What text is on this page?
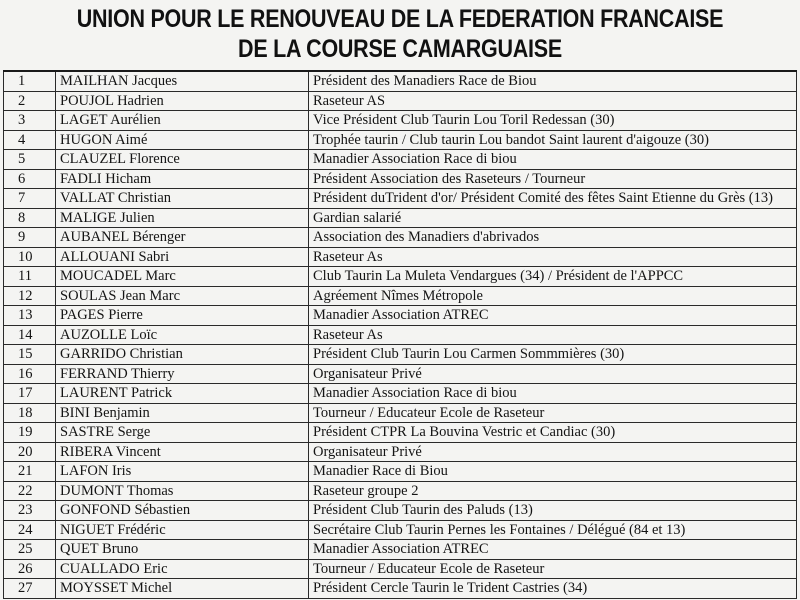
UNION POUR LE RENOUVEAU DE LA FEDERATION FRANCAISE
DE LA COURSE CAMARGUAISE
1	MAILHAN Jacques	Président des Manadiers Race de Biou
2	POUJOL Hadrien	Raseteur AS
3	LAGET Aurélien	Vice Président Club Taurin Lou Toril Redessan (30)
4	HUGON Aimé	Trophée taurin / Club taurin Lou bandot Saint laurent d'aigouze (30)
5	CLAUZEL Florence	Manadier Association Race di biou
6	FADLI Hicham	Président Association des Raseteurs / Tourneur
7	VALLAT Christian	Président duTrident d'or/ Président Comité des fêtes Saint Etienne du Grès (13)
8	MALIGE Julien	Gardian salarié
9	AUBANEL Bérenger	Association des Manadiers d'abrivados
10	ALLOUANI Sabri	Raseteur As
11	MOUCADEL Marc	Club Taurin La Muleta Vendargues (34) / Président de l'APPCC
12	SOULAS Jean Marc	Agréement Nîmes Métropole
13	PAGES Pierre	Manadier Association ATREC
14	AUZOLLE Loïc	Raseteur As
15	GARRIDO Christian	Président Club Taurin Lou Carmen Sommmières (30)
16	FERRAND Thierry	Organisateur Privé
17	LAURENT Patrick	Manadier Association Race di biou
18	BINI Benjamin	Tourneur / Educateur Ecole de Raseteur
19	SASTRE Serge	Président CTPR La Bouvina Vestric et Candiac (30)
20	RIBERA Vincent	Organisateur Privé
21	LAFON Iris	Manadier Race di Biou
22	DUMONT Thomas	Raseteur groupe 2
23	GONFOND Sébastien	Président Club Taurin des Paluds (13)
24	NIGUET Frédéric	Secrétaire Club Taurin Pernes les Fontaines / Délégué (84 et 13)
25	QUET Bruno	Manadier Association ATREC
26	CUALLADO Eric	Tourneur / Educateur Ecole de Raseteur
27	MOYSSET Michel	Président Cercle Taurin le Trident Castries (34)
